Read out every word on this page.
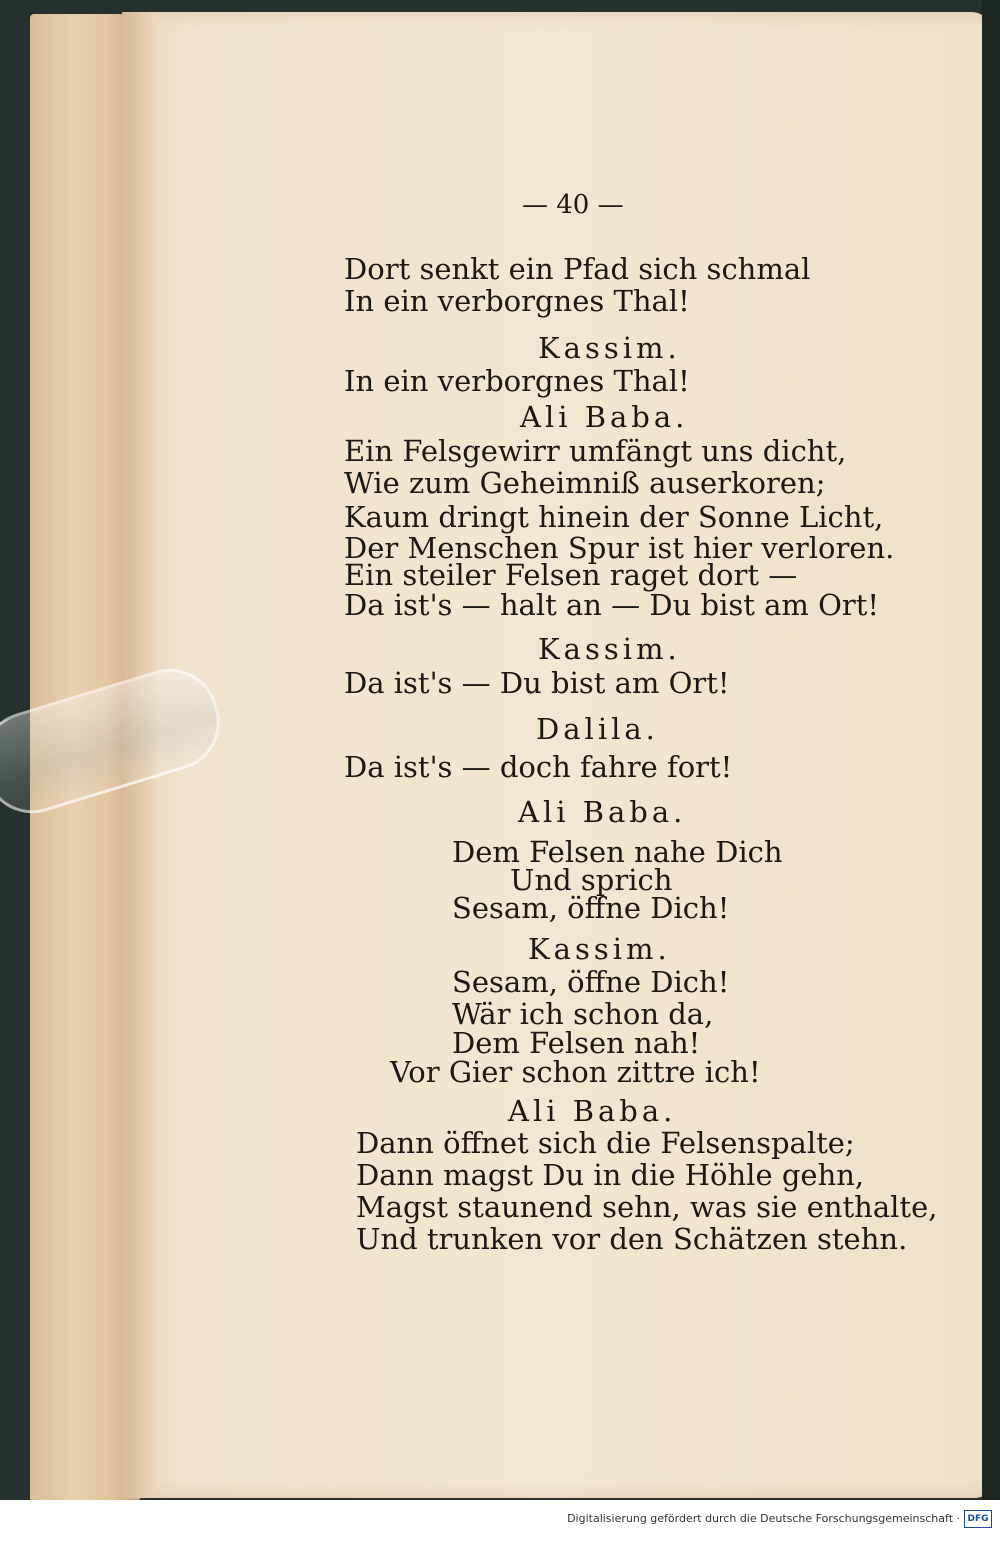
— 40 —
Dort senkt ein Pfad sich schmal
In ein verborgnes Thal!
Kassim.
In ein verborgnes Thal!
Ali Baba.
Ein Felsgewirr umfängt uns dicht,
Wie zum Geheimniß auserkoren;
Kaum dringt hinein der Sonne Licht,
Der Menschen Spur ist hier verloren.
Ein steiler Felsen raget dort —
Da ist's — halt an — Du bist am Ort!
Kassim.
Da ist's — Du bist am Ort!
Dalila.
Da ist's — doch fahre fort!
Ali Baba.
Dem Felsen nahe Dich
Und sprich
Sesam, öffne Dich!
Kassim.
Sesam, öffne Dich!
Wär ich schon da,
Dem Felsen nah!
Vor Gier schon zittre ich!
Ali Baba.
Dann öffnet sich die Felsenspalte;
Dann magst Du in die Höhle gehn,
Magst staunend sehn, was sie enthalte,
Und trunken vor den Schätzen stehn.
Digitalisierung gefördert durch die Deutsche Forschungsgemeinschaft · DFG
